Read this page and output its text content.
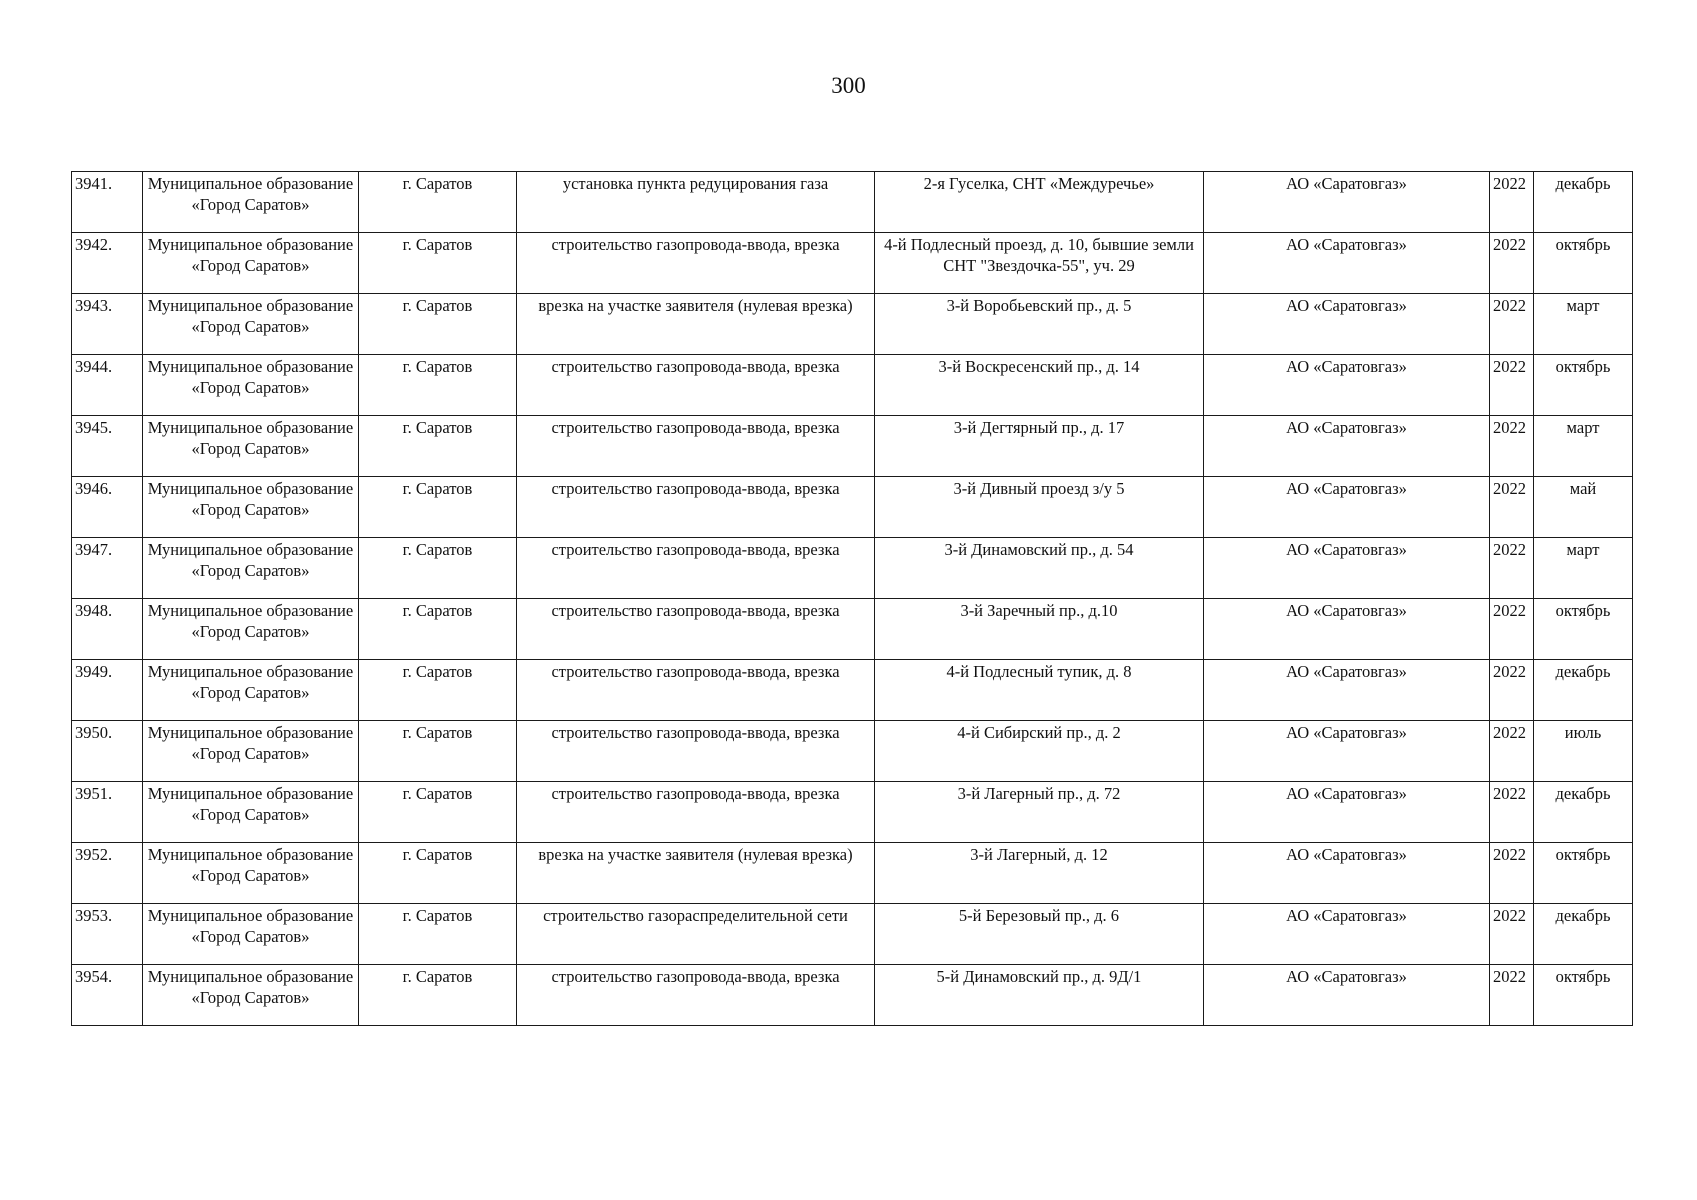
300
3941.	Муниципальное образование «Город Саратов»	г. Саратов	установка пункта редуцирования газа	2-я Гуселка, СНТ «Междуречье»	АО «Саратовгаз»	2022	декабрь
3942.	Муниципальное образование «Город Саратов»	г. Саратов	строительство газопровода-ввода, врезка	4-й Подлесный проезд, д. 10, бывшие земли СНТ "Звездочка-55", уч. 29	АО «Саратовгаз»	2022	октябрь
3943.	Муниципальное образование «Город Саратов»	г. Саратов	врезка на участке заявителя (нулевая врезка)	3-й Воробьевский пр., д. 5	АО «Саратовгаз»	2022	март
3944.	Муниципальное образование «Город Саратов»	г. Саратов	строительство газопровода-ввода, врезка	3-й Воскресенский пр., д. 14	АО «Саратовгаз»	2022	октябрь
3945.	Муниципальное образование «Город Саратов»	г. Саратов	строительство газопровода-ввода, врезка	3-й Дегтярный пр., д. 17	АО «Саратовгаз»	2022	март
3946.	Муниципальное образование «Город Саратов»	г. Саратов	строительство газопровода-ввода, врезка	3-й Дивный проезд з/у 5	АО «Саратовгаз»	2022	май
3947.	Муниципальное образование «Город Саратов»	г. Саратов	строительство газопровода-ввода, врезка	3-й Динамовский пр., д. 54	АО «Саратовгаз»	2022	март
3948.	Муниципальное образование «Город Саратов»	г. Саратов	строительство газопровода-ввода, врезка	3-й Заречный пр., д.10	АО «Саратовгаз»	2022	октябрь
3949.	Муниципальное образование «Город Саратов»	г. Саратов	строительство газопровода-ввода, врезка	4-й Подлесный тупик, д. 8	АО «Саратовгаз»	2022	декабрь
3950.	Муниципальное образование «Город Саратов»	г. Саратов	строительство газопровода-ввода, врезка	4-й Сибирский пр., д. 2	АО «Саратовгаз»	2022	июль
3951.	Муниципальное образование «Город Саратов»	г. Саратов	строительство газопровода-ввода, врезка	3-й Лагерный пр., д. 72	АО «Саратовгаз»	2022	декабрь
3952.	Муниципальное образование «Город Саратов»	г. Саратов	врезка на участке заявителя (нулевая врезка)	3-й Лагерный, д. 12	АО «Саратовгаз»	2022	октябрь
3953.	Муниципальное образование «Город Саратов»	г. Саратов	строительство газораспределительной сети	5-й Березовый пр., д. 6	АО «Саратовгаз»	2022	декабрь
3954.	Муниципальное образование «Город Саратов»	г. Саратов	строительство газопровода-ввода, врезка	5-й Динамовский пр., д. 9Д/1	АО «Саратовгаз»	2022	октябрь
